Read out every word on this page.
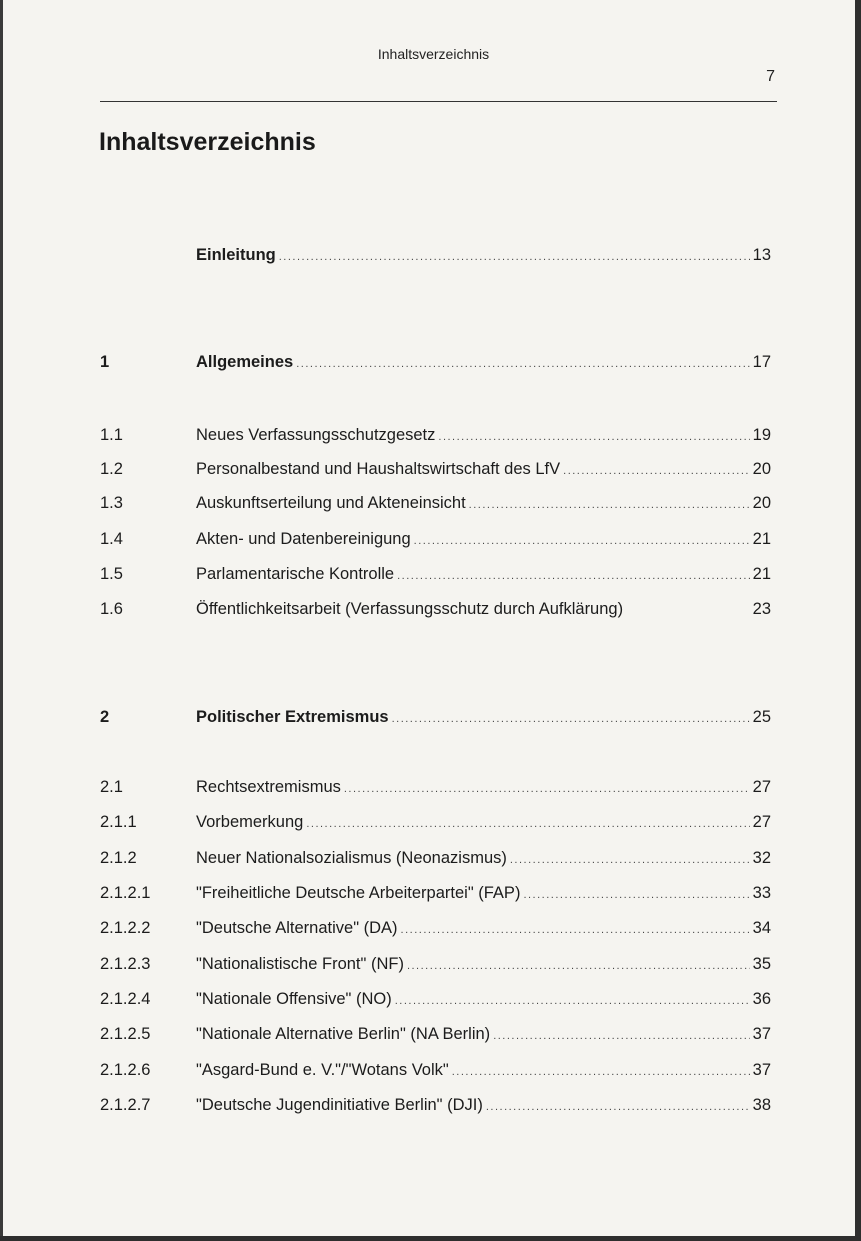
Inhaltsverzeichnis
7
Inhaltsverzeichnis
Einleitung .....	13
1	Allgemeines .....	17
1.1	Neues Verfassungsschutzgesetz .....	19
1.2	Personalbestand und Haushaltswirtschaft des LfV .....	20
1.3	Auskunftserteilung und Akteneinsicht .....	20
1.4	Akten- und Datenbereinigung .....	21
1.5	Parlamentarische Kontrolle .....	21
1.6	Öffentlichkeitsarbeit (Verfassungsschutz durch Aufklärung)	23
2	Politischer Extremismus .....	25
2.1	Rechtsextremismus .....	27
2.1.1	Vorbemerkung .....	27
2.1.2	Neuer Nationalsozialismus (Neonazismus) .....	32
2.1.2.1	"Freiheitliche Deutsche Arbeiterpartei" (FAP) .....	33
2.1.2.2	"Deutsche Alternative" (DA) .....	34
2.1.2.3	"Nationalistische Front" (NF) .....	35
2.1.2.4	"Nationale Offensive" (NO) .....	36
2.1.2.5	"Nationale Alternative Berlin" (NA Berlin) .....	37
2.1.2.6	"Asgard-Bund e. V."/"Wotans Volk" .....	37
2.1.2.7	"Deutsche Jugendinitiative Berlin" (DJI) .....	38
